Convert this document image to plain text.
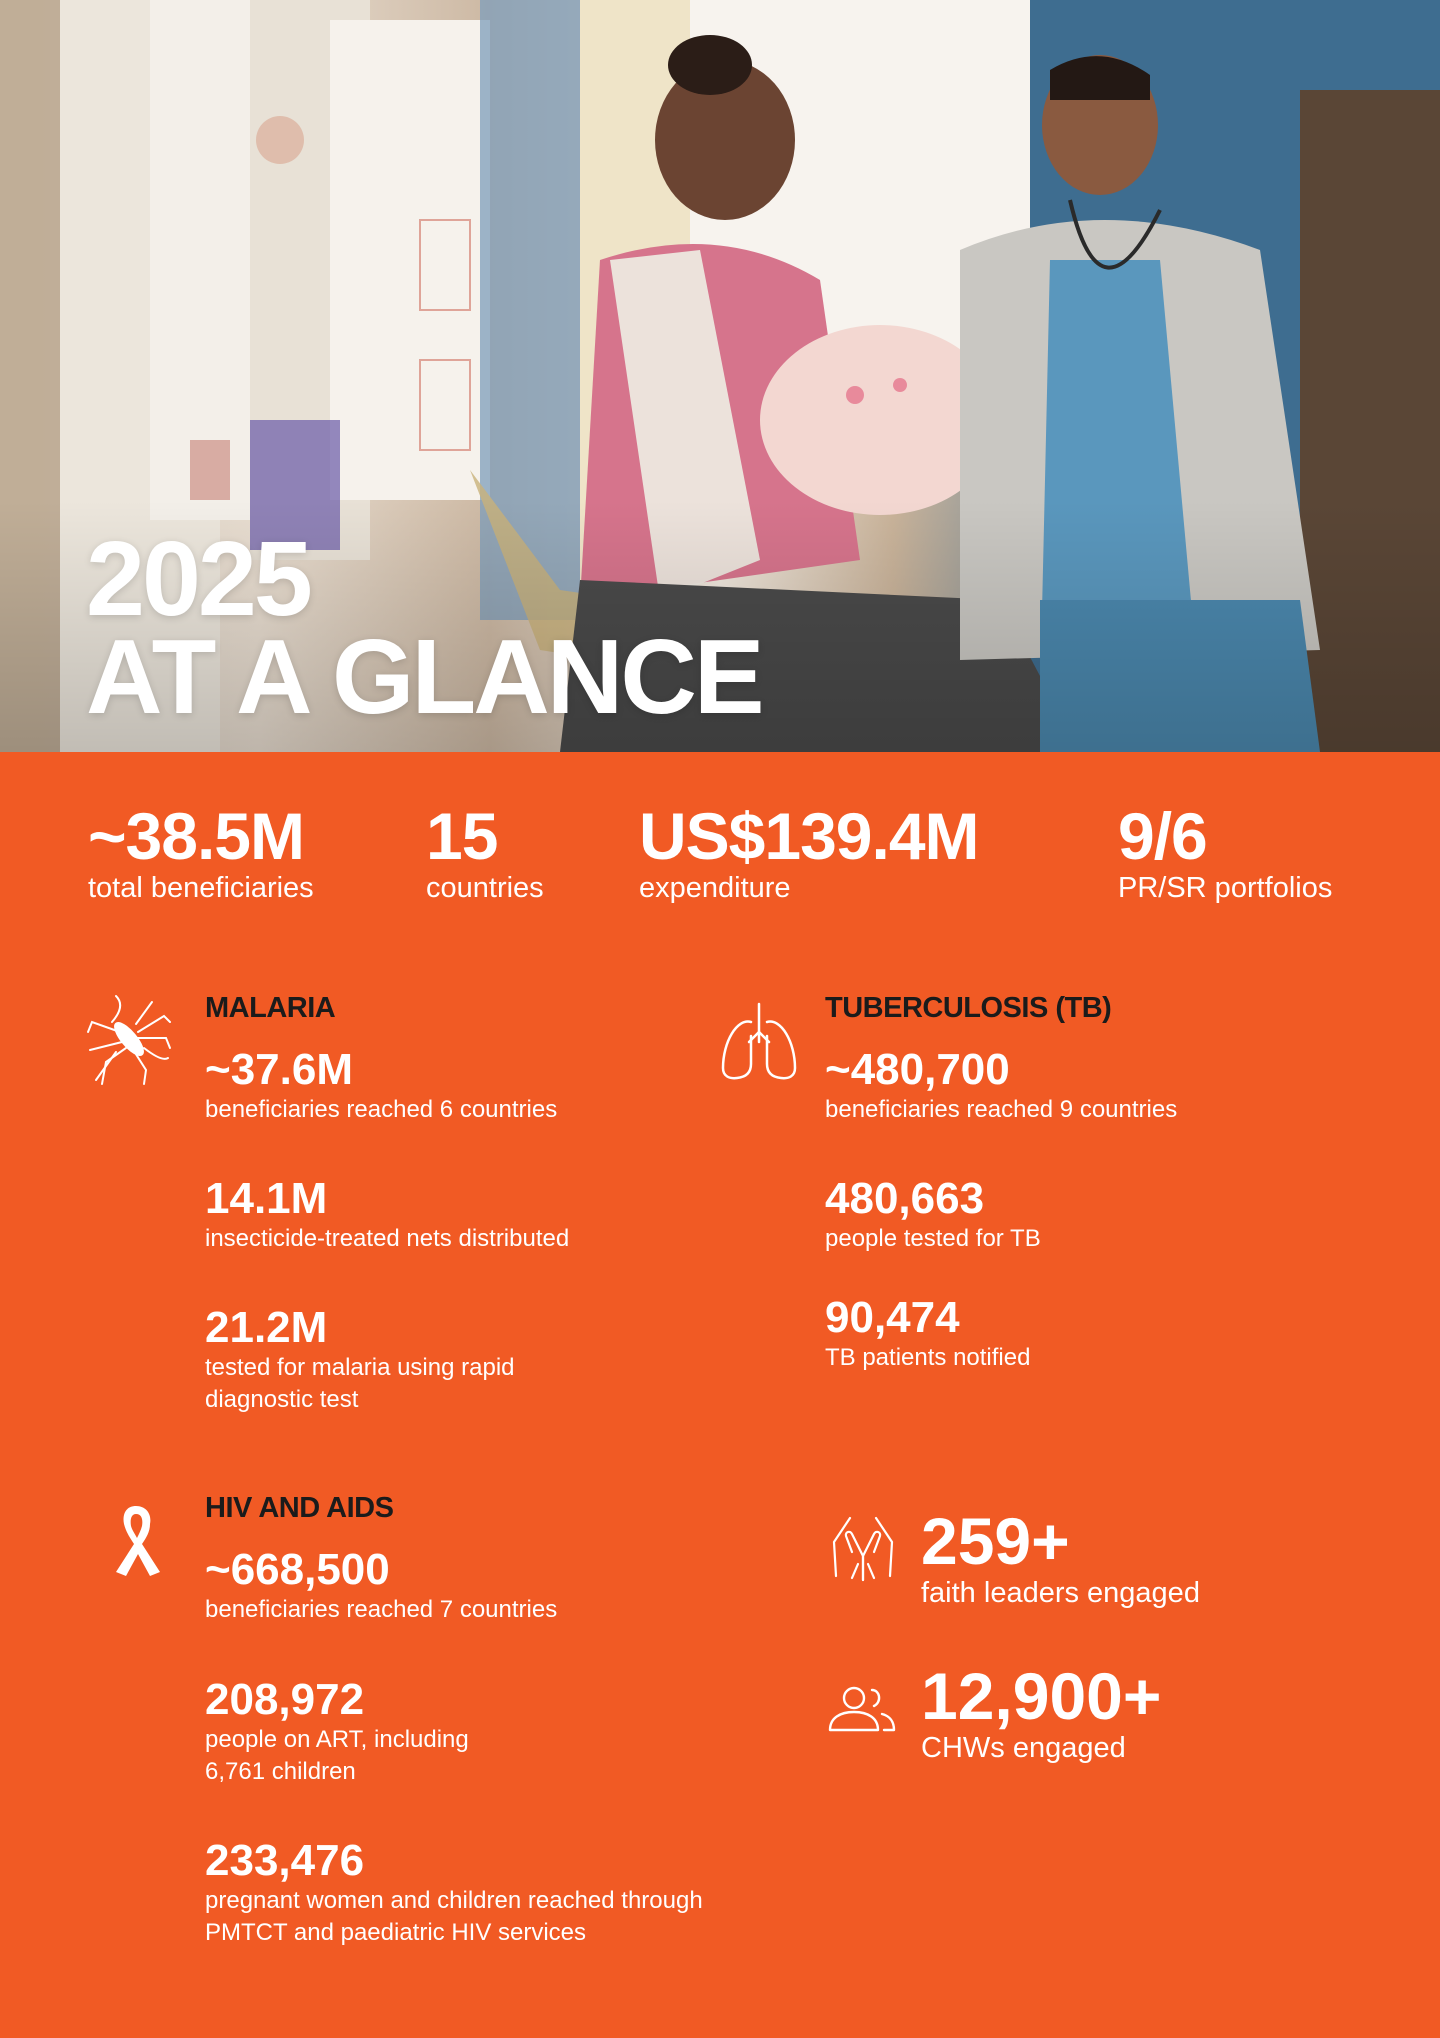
2025
AT A GLANCE
~38.5M
total beneficiaries
15
countries
US$139.4M
expenditure
9/6
PR/SR portfolios
MALARIA
~37.6M
beneficiaries reached 6 countries
14.1M
insecticide-treated nets distributed
21.2M
tested for malaria using rapid
diagnostic test
TUBERCULOSIS (TB)
~480,700
beneficiaries reached 9 countries
480,663
people tested for TB
90,474
TB patients notified
HIV AND AIDS
~668,500
beneficiaries reached 7 countries
208,972
people on ART, including
6,761 children
233,476
pregnant women and children reached through
PMTCT and paediatric HIV services
259+
faith leaders engaged
12,900+
CHWs engaged
